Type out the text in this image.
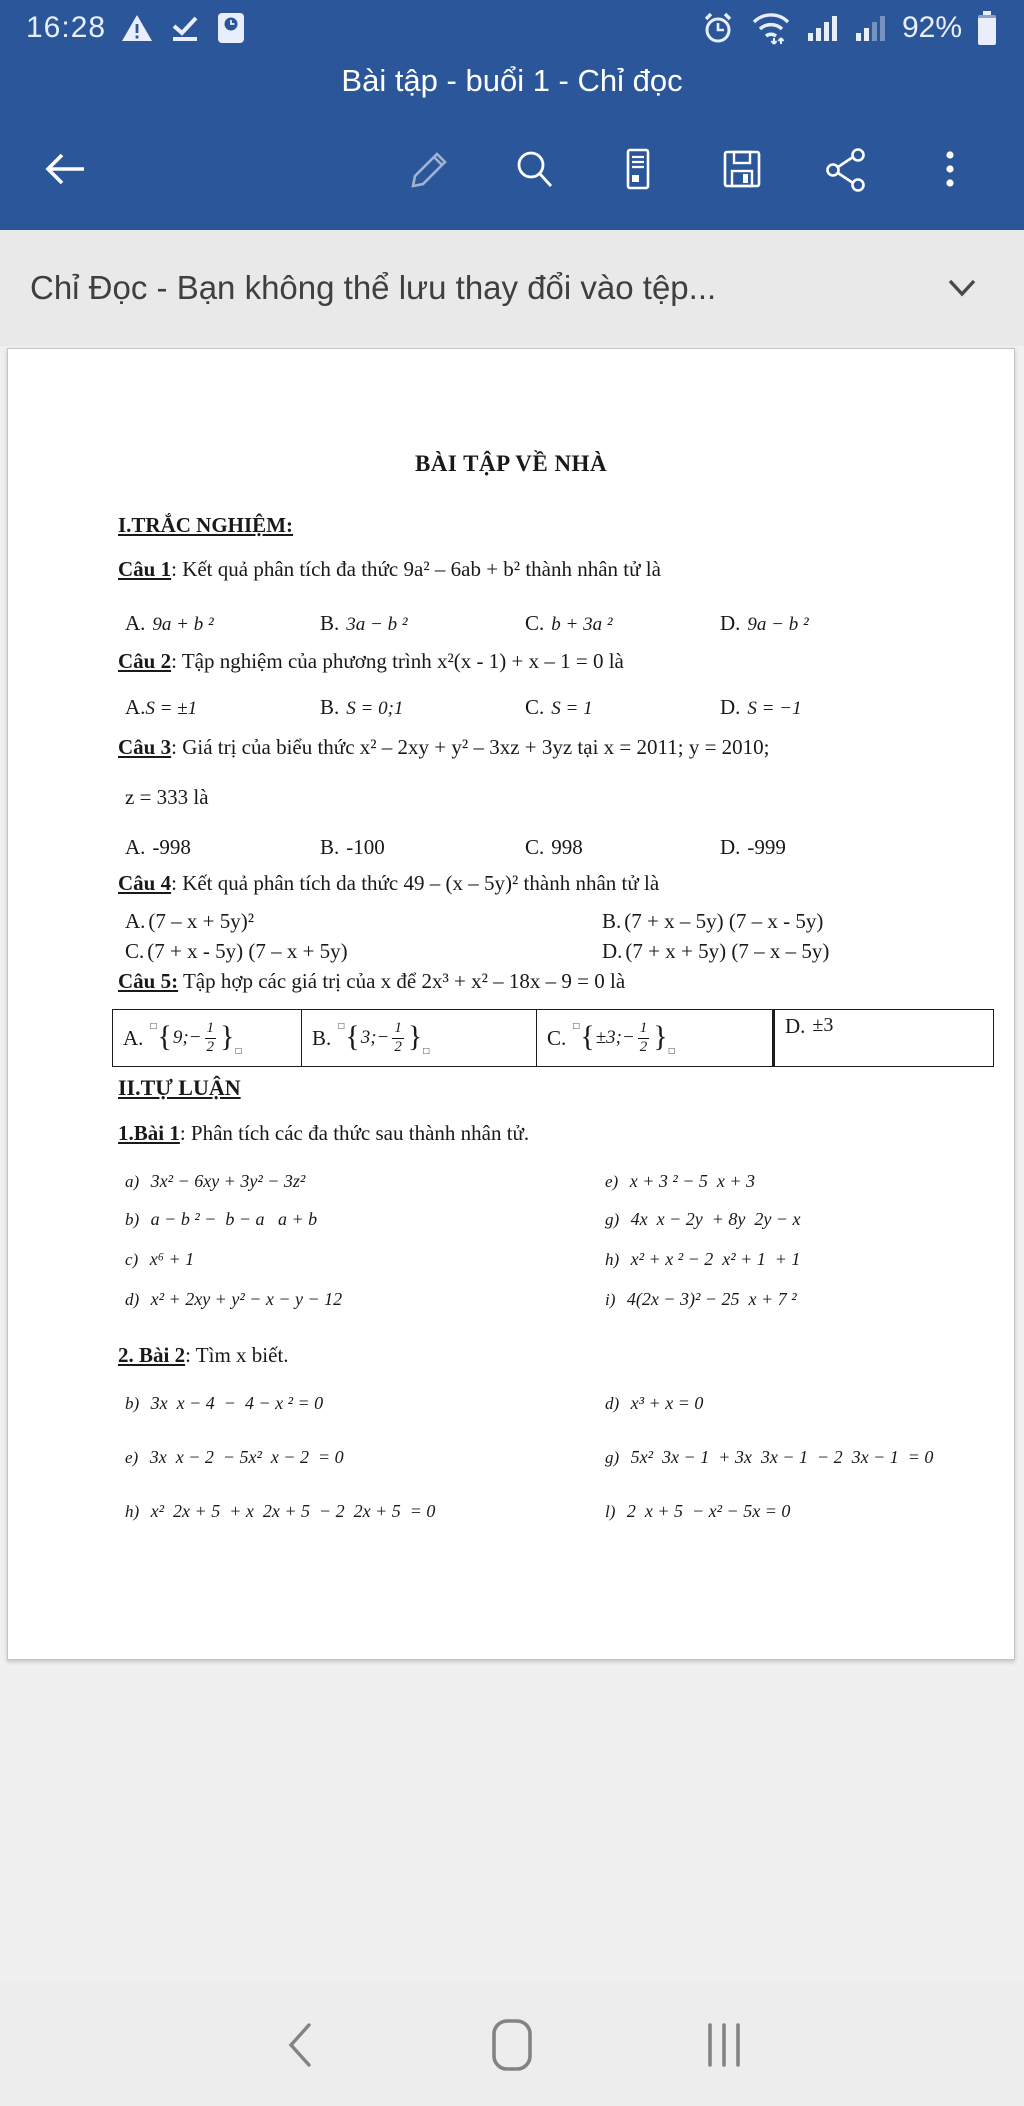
16:28	92%
Bài tập - buổi 1 - Chỉ đọc
Chỉ Đọc - Bạn không thể lưu thay đổi vào tệp...
BÀI TẬP VỀ NHÀ
I.TRẮC NGHIỆM:
Câu 1: Kết quả phân tích đa thức 9a² – 6ab + b² thành nhân tử là
A. 9a + b ²	B. 3a − b ²	C. b + 3a ²	D. 9a − b ²
Câu 2: Tập nghiệm của phương trình x²(x - 1) + x – 1 = 0 là
A.S = ±1	B. S = 0;1	C. S = 1	D. S = −1
Câu 3: Giá trị của biểu thức x² – 2xy + y² – 3xz + 3yz tại x = 2011; y = 2010;
z = 333 là
A. -998	B. -100	C. 998	D. -999
Câu 4: Kết quả phân tích da thức 49 – (x – 5y)² thành nhân tử là
A. (7 – x + 5y)²	B. (7 + x – 5y) (7 – x - 5y)
C. (7 + x - 5y) (7 – x + 5y)	D. (7 + x + 5y) (7 – x – 5y)
Câu 5: Tập hợp các giá trị của x để 2x³ + x² – 18x – 9 = 0 là
A. □ { 9;− $\frac{1}{2}$ } □
B. □ { 3;− $\frac{1}{2}$ } □
C. □ { ±3;− $\frac{1}{2}$ } □
D. ±3
II.TỰ LUẬN
1.Bài 1: Phân tích các đa thức sau thành nhân tử.
a) 3x² − 6xy + 3y² − 3z²	e) x + 3 ² − 5  x + 3
b) a − b ² −  b − a   a + b	g) 4x  x − 2y  + 8y  2y − x
c) x⁶ + 1	h) x² + x ² − 2  x² + 1  + 1
d) x² + 2xy + y² − x − y − 12	i) 4(2x − 3)² − 25  x + 7 ²
2. Bài 2: Tìm x biết.
b) 3x  x − 4  −  4 − x ² = 0	d) x³ + x = 0
e) 3x  x − 2  − 5x²  x − 2  = 0	g) 5x²  3x − 1  + 3x  3x − 1  − 2  3x − 1  = 0
h) x²  2x + 5  + x  2x + 5  − 2  2x + 5  = 0	l) 2  x + 5  − x² − 5x = 0
